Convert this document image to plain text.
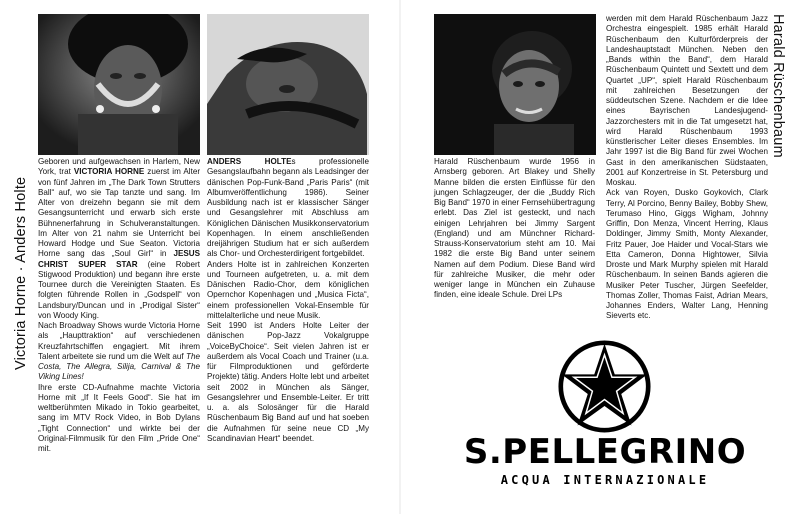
Victoria Horne · Anders Holte
Geboren und aufgewachsen in Harlem, New York, trat VICTORIA HORNE zuerst im Alter von fünf Jahren im „The Dark Town Strutters Ball“ auf, wo sie Tap tanzte und sang. Im Alter von dreizehn begann sie mit dem Gesangsunterricht und erwarb sich erste Bühnenerfahrung in Schulveranstaltungen. Im Alter von 21 nahm sie Unterricht bei Howard Hodge und Sue Seaton. Victoria Horne sang das „Soul Girl“ in JESUS CHRIST SUPER STAR (eine Robert Stigwood Produktion) und begann ihre erste Tournee durch die Vereinigten Staaten. Es folgten führende Rollen in „Godspell“ von Landsbury/Duncan und in „Prodigal Sister“ von Woody King.
Nach Broadway Shows wurde Victoria Horne als „Haupttraktion“ auf verschiedenen Kreuzfahrtschiffen engagiert. Mit ihrem Talent arbeitete sie rund um die Welt auf The Costa, The Allegra, Silija, Carnival & The Viking Lines!
Ihre erste CD-Aufnahme machte Victoria Horne mit „If It Feels Good“. Sie hat im weltberühmten Mikado in Tokio gearbeitet, sang im MTV Rock Video, in Bob Dylans „Tight Connection“ und wirkte bei der Original-Filmmusik für den Film „Pride One“ mit.
ANDERS HOLTEs professionelle Gesangslaufbahn begann als Leadsinger der dänischen Pop-Funk-Band „Paris Paris“ (mit Albumveröffentlichung 1986). Seiner Ausbildung nach ist er klassischer Sänger und Gesangslehrer mit Abschluss am Königlichen Dänischen Musikkonservatorium Kopenhagen. In einem anschließenden dreijährigen Studium hat er sich außerdem als Chor- und Orchesterdirigent fortgebildet.
Anders Holte ist in zahlreichen Konzerten und Tourneen aufgetreten, u. a. mit dem Dänischen Radio-Chor, dem königlichen Opernchor Kopenhagen und „Musica Ficta“, einem professionellen Vokal-Ensemble für mittelalterliche und neue Musik.
Seit 1990 ist Anders Holte Leiter der dänischen Pop-Jazz Vokalgruppe „VoiceByChoice“. Seit vielen Jahren ist er außerdem als Vocal Coach und Trainer (u.a. für Filmproduktionen und geförderte Projekte) tätig. Anders Holte lebt und arbeitet seit 2002 in München als Sänger, Gesangslehrer und Ensemble-Leiter. Er tritt u. a. als Solosänger für die Harald Rüschenbaum Big Band auf und hat soeben die Aufnahmen für seine neue CD „My Scandinavian Heart“ beendet.
Harald Rüschenbaum
Harald Rüschenbaum wurde 1956 in Arnsberg geboren. Art Blakey und Shelly Manne bilden die ersten Einflüsse für den jungen Schlagzeuger, der die „Buddy Rich Big Band“ 1970 in einer Fernsehübertragung erlebt. Das Ziel ist gesteckt, und nach einigen Lehrjahren bei Jimmy Sargent (England) und am Münchner Richard-Strauss-Konservatorium steht am 10. Mai 1982 die erste Big Band unter seinem Namen auf dem Podium. Diese Band wird für zahlreiche Musiker, die mehr oder weniger lange in München ein Zuhause finden, eine ideale Schule. Drei LPs
werden mit dem Harald Rüschenbaum Jazz Orchestra eingespielt. 1985 erhält Harald Rüschenbaum den Kulturförderpreis der Landeshauptstadt München. Neben den „Bands within the Band“, dem Harald Rüschenbaum Quintett und Sextett und dem Quartet „UP“, spielt Harald Rüschenbaum mit zahlreichen Besetzungen der süddeutschen Szene. Nachdem er die Idee eines Bayrischen Landesjugend-Jazzorchesters mit in die Tat umgesetzt hat, wird Harald Rüschenbaum 1993 künstlerischer Leiter dieses Ensembles. Im Jahr 1997 ist die Big Band für zwei Wochen Gast in den amerikanischen Südstaaten, 2001 auf Konzertreise in St. Petersburg und Moskau.
Ack van Royen, Dusko Goykovich, Clark Terry, Al Porcino, Benny Bailey, Bobby Shew, Terumaso Hino, Giggs Wigham, Johnny Griffin, Don Menza, Vincent Herring, Klaus Doldinger, Jimmy Smith, Monty Alexander, Fritz Pauer, Joe Haider und Vocal-Stars wie Etta Cameron, Donna Hightower, Silvia Droste und Mark Murphy spielen mit Harald Rüschenbaum. In seinen Bands agieren die Musiker Peter Tuscher, Jürgen Seefelder, Thomas Zoller, Thomas Faist, Adrian Mears, Johannes Enders, Walter Lang, Henning Sieverts etc.
S.PELLEGRINO
ACQUA INTERNAZIONALE
